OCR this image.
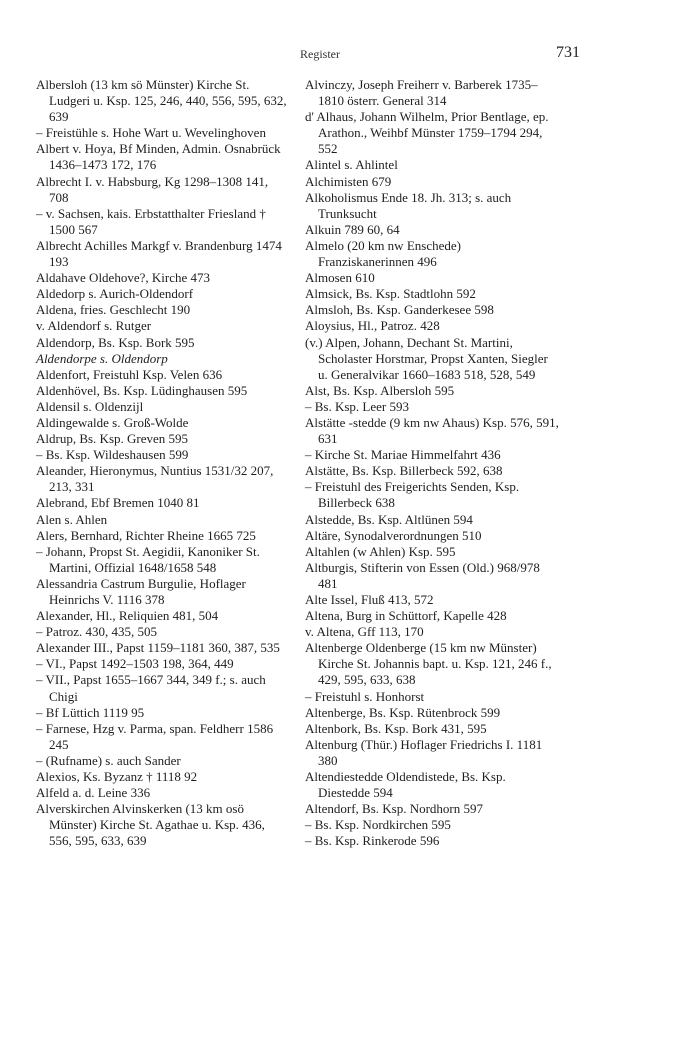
Register	731

Albersloh (13 km sö Münster) Kirche St. Ludgeri u. Ksp. 125, 246, 440, 556, 595, 632, 639

– Freistühle s. Hohe Wart u. Wevelinghoven

Albert v. Hoya, Bf Minden, Admin. Osnabrück 1436–1473 172, 176

Albrecht I. v. Habsburg, Kg 1298–1308 141, 708

– v. Sachsen, kais. Erbstatthalter Friesland † 1500 567

Albrecht Achilles Markgf v. Brandenburg 1474 193

Aldahave Oldehove?, Kirche 473

Aldedorp s. Aurich-Oldendorf

Aldena, fries. Geschlecht 190

v. Aldendorf s. Rutger

Aldendorp, Bs. Ksp. Bork 595

Aldendorpe s. Oldendorp

Aldenfort, Freistuhl Ksp. Velen 636

Aldenhövel, Bs. Ksp. Lüdinghausen 595

Aldensil s. Oldenzijl

Aldingewalde s. Groß-Wolde

Aldrup, Bs. Ksp. Greven 595

– Bs. Ksp. Wildeshausen 599

Aleander, Hieronymus, Nuntius 1531/32 207, 213, 331

Alebrand, Ebf Bremen 1040 81

Alen s. Ahlen

Alers, Bernhard, Richter Rheine 1665 725

– Johann, Propst St. Aegidii, Kanoniker St. Martini, Offizial 1648/1658 548

Alessandria Castrum Burgulie, Hoflager Heinrichs V. 1116 378

Alexander, Hl., Reliquien 481, 504

– Patroz. 430, 435, 505

Alexander III., Papst 1159–1181 360, 387, 535

– VI., Papst 1492–1503 198, 364, 449

– VII., Papst 1655–1667 344, 349 f.; s. auch Chigi

– Bf Lüttich 1119 95

– Farnese, Hzg v. Parma, span. Feldherr 1586 245

– (Rufname) s. auch Sander

Alexios, Ks. Byzanz † 1118 92

Alfeld a. d. Leine 336

Alverskirchen Alvinskerken (13 km osö Münster) Kirche St. Agathae u. Ksp. 436, 556, 595, 633, 639

Alvinczy, Joseph Freiherr v. Barberek 1735–1810 österr. General 314

d' Alhaus, Johann Wilhelm, Prior Bentlage, ep. Arathon., Weihbf Münster 1759–1794 294, 552

Alintel s. Ahlintel

Alchimisten 679

Alkoholismus Ende 18. Jh. 313; s. auch Trunksucht

Alkuin 789 60, 64

Almelo (20 km nw Enschede) Franziskanerinnen 496

Almosen 610

Almsick, Bs. Ksp. Stadtlohn 592

Almsloh, Bs. Ksp. Ganderkesee 598

Aloysius, Hl., Patroz. 428

(v.) Alpen, Johann, Dechant St. Martini, Scholaster Horstmar, Propst Xanten, Siegler u. Generalvikar 1660–1683 518, 528, 549

Alst, Bs. Ksp. Albersloh 595

– Bs. Ksp. Leer 593

Alstätte -stedde (9 km nw Ahaus) Ksp. 576, 591, 631

– Kirche St. Mariae Himmelfahrt 436

Alstätte, Bs. Ksp. Billerbeck 592, 638

– Freistuhl des Freigerichts Senden, Ksp. Billerbeck 638

Alstedde, Bs. Ksp. Altlünen 594

Altäre, Synodalverordnungen 510

Altahlen (w Ahlen) Ksp. 595

Altburgis, Stifterin von Essen (Old.) 968/978 481

Alte Issel, Fluß 413, 572

Altena, Burg in Schüttorf, Kapelle 428

v. Altena, Gff 113, 170

Altenberge Oldenberge (15 km nw Münster) Kirche St. Johannis bapt. u. Ksp. 121, 246 f., 429, 595, 633, 638

– Freistuhl s. Honhorst

Altenberge, Bs. Ksp. Rütenbrock 599

Altenbork, Bs. Ksp. Bork 431, 595

Altenburg (Thür.) Hoflager Friedrichs I. 1181 380

Altendiestedde Oldendistede, Bs. Ksp. Diestedde 594

Altendorf, Bs. Ksp. Nordhorn 597

– Bs. Ksp. Nordkirchen 595

– Bs. Ksp. Rinkerode 596
